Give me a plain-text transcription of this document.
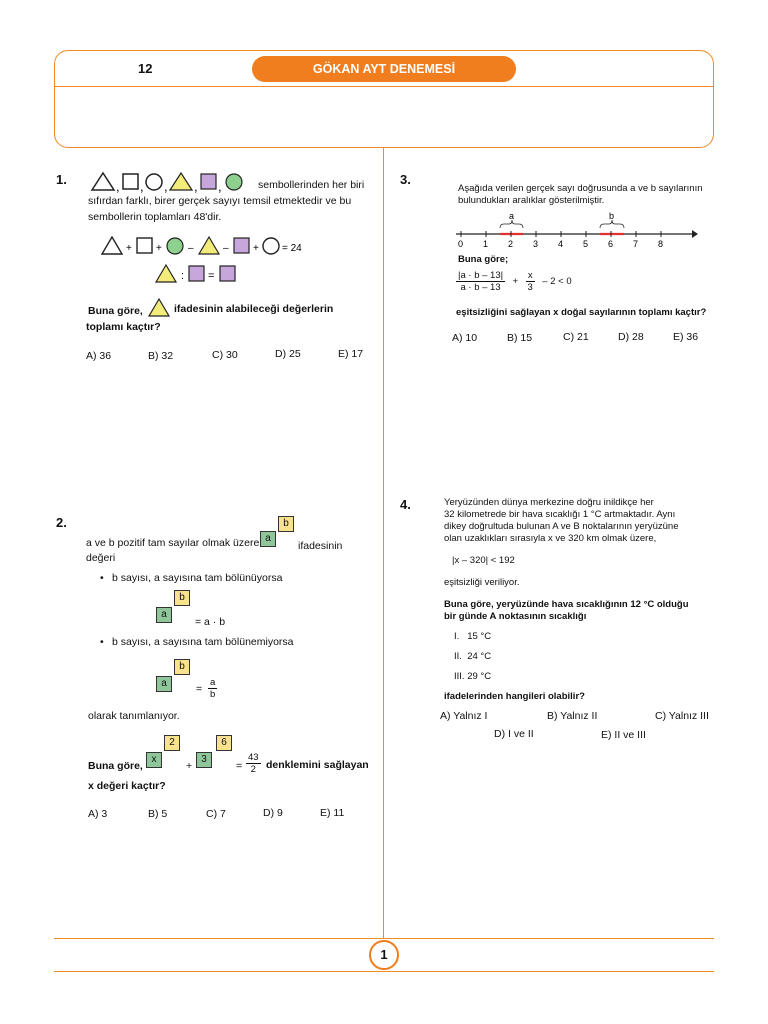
12	GÖKAN AYT DENEMESİ
1.	, , , , ,	sembollerinden her biri
sıfırdan farklı, birer gerçek sayıyı temsil etmektedir ve bu
sembollerin toplamları 48'dir.
+ +	–	– + = 24
: =
Buna göre,	ifadesinin alabileceği değerlerin
toplamı kaçtır?
A) 36	B) 32	C) 30	D) 25	E) 17
2.
a ve b pozitif tam sayılar olmak üzere a
b
ifadesinin
değeri
• b sayısı, a sayısına tam bölünüyorsa
a
b
= a · b
• b sayısı, a sayısına tam bölünemiyorsa
a
b
= $\frac{a}{b}$
olarak tanımlanıyor.
Buna göre,
x
2
+
3
6
= $\frac{43}{2}$ denklemini sağlayan
x değeri kaçtır?
A) 3	B) 5	C) 7	D) 9	E) 11
3.
Aşağıda verilen gerçek sayı doğrusunda a ve b sayılarının
bulundukları aralıklar gösterilmiştir.
a	b
0 1 2 3 4 5 6 7 8
Buna göre;
$\frac{|a \cdot b - 13|}{a \cdot b - 13} + \frac{x}{3} - 2 < 0$
eşitsizliğini sağlayan x doğal sayılarının toplamı kaçtır?
A) 10	B) 15	C) 21	D) 28	E) 36
4.	Yeryüzünden dünya merkezine doğru inildikçe her
32 kilometrede bir hava sıcaklığı 1 °C artmaktadır. Aynı
dikey doğrultuda bulunan A ve B noktalarının yeryüzüne
olan uzaklıkları sırasıyla x ve 320 km olmak üzere,
|x – 320| < 192
eşitsizliği veriliyor.
Buna göre, yeryüzünde hava sıcaklığının 12 °C olduğu
bir günde A noktasının sıcaklığı
I.   15 °C
II.  24 °C
III. 29 °C
ifadelerinden hangileri olabilir?
A) Yalnız I	B) Yalnız II	C) Yalnız III
D) I ve II	E) II ve III
1
